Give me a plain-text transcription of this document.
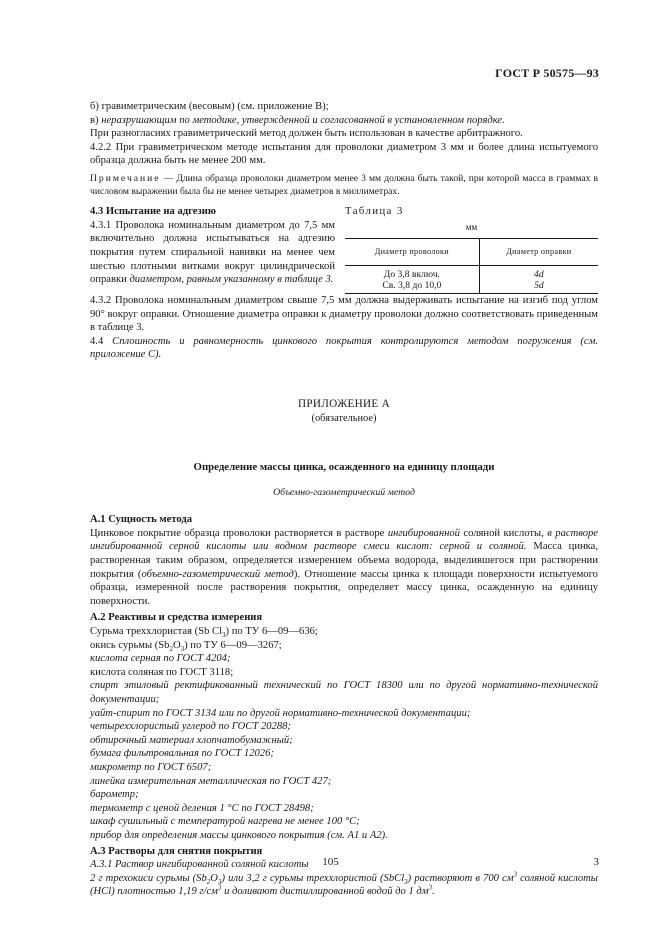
ГОСТ Р 50575—93

б) гравиметрическим (весовым) (см. приложение В);

в) неразрушающим по методике, утвержденной и согласованной в установленном порядке.

При разногласиях гравиметрический метод должен быть использован в качестве арбитражного.

4.2.2 При гравиметрическом методе испытания для проволоки диаметром 3 мм и более длина испытуемого образца должна быть не менее 200 мм.

Примечание — Длина образца проволоки диаметром менее 3 мм должна быть такой, при которой масса в граммах в числовом выражении была бы не менее четырех диаметров в миллиметрах.

Таблица 3
мм
Диаметр проволоки	Диаметр оправки
До 3,8 включ.	4d
Св. 3,8 до 10,0	5d

4.3 Испытание на адгезию

4.3.1 Проволока номинальным диаметром до 7,5 мм включительно должна испытываться на адгезию покрытия путем спиральной навивки на менее чем шестью плотными витками вокруг цилиндрической оправки диаметром, равным указанному в таблице 3.

4.3.2 Проволока номинальным диаметром свыше 7,5 мм должна выдерживать испытание на изгиб под углом 90° вокруг оправки. Отношение диаметра оправки к диаметру проволоки должно соответствовать приведенным в таблице 3.

4.4 Сплошность и равномерность цинкового покрытия контролируются методом погружения (см. приложение С).

ПРИЛОЖЕНИЕ А
(обязательное)
Определение массы цинка, осажденного на единицу площади
Объемно-газометрический метод

А.1 Сущность метода

Цинковое покрытие образца проволоки растворяется в растворе ингибированной соляной кислоты, в растворе ингибированной серной кислоты или водном растворе смеси кислот: серной и соляной. Масса цинка, растворенная таким образом, определяется измерением объема водорода, выделившегося при растворении покрытия (объемно-газометрический метод). Отношение массы цинка к площади поверхности испытуемого образца, измеренной после растворения покрытия, определяет массу цинка, осажденную на единицу поверхности.

А.2 Реактивы и средства измерения

Сурьма треххлористая (Sb $Cl_3$) по ТУ 6—09—636;

окись сурьмы $(Sb_2O_3)$ по ТУ 6—09—3267;

кислота серная по ГОСТ 4204;

кислота соляная по ГОСТ 3118;

спирт этиловый ректификованный технический по ГОСТ 18300 или по другой нормативно-технической документации;

уайт-спирит по ГОСТ 3134 или по другой нормативно-технической документации;

четыреххлористый углерод по ГОСТ 20288;

обтирочный материал хлопчатобумажный;

бумага фильтровальная по ГОСТ 12026;

микрометр по ГОСТ 6507;

линейка измерительная металлическая по ГОСТ 427;

барометр;

термометр с ценой деления 1 °С по ГОСТ 28498;

шкаф сушильный с температурой нагрева не менее 100 °С;

прибор для определения массы цинкового покрытия (см. А1 и А2).

А.3 Растворы для снятия покрытия

А.3.1 Раствор ингибированной соляной кислоты

2 г трехокиси сурьмы $(Sb_2O_3)$ или 3,2 г сурьмы треххлористой (SbCl$_3$) растворяют в 700 $см^3$ соляной кислоты (HCl) плотностью 1,19 $г/см^3$ и доливают дистиллированной водой до 1 $дм^3$.

105	3
